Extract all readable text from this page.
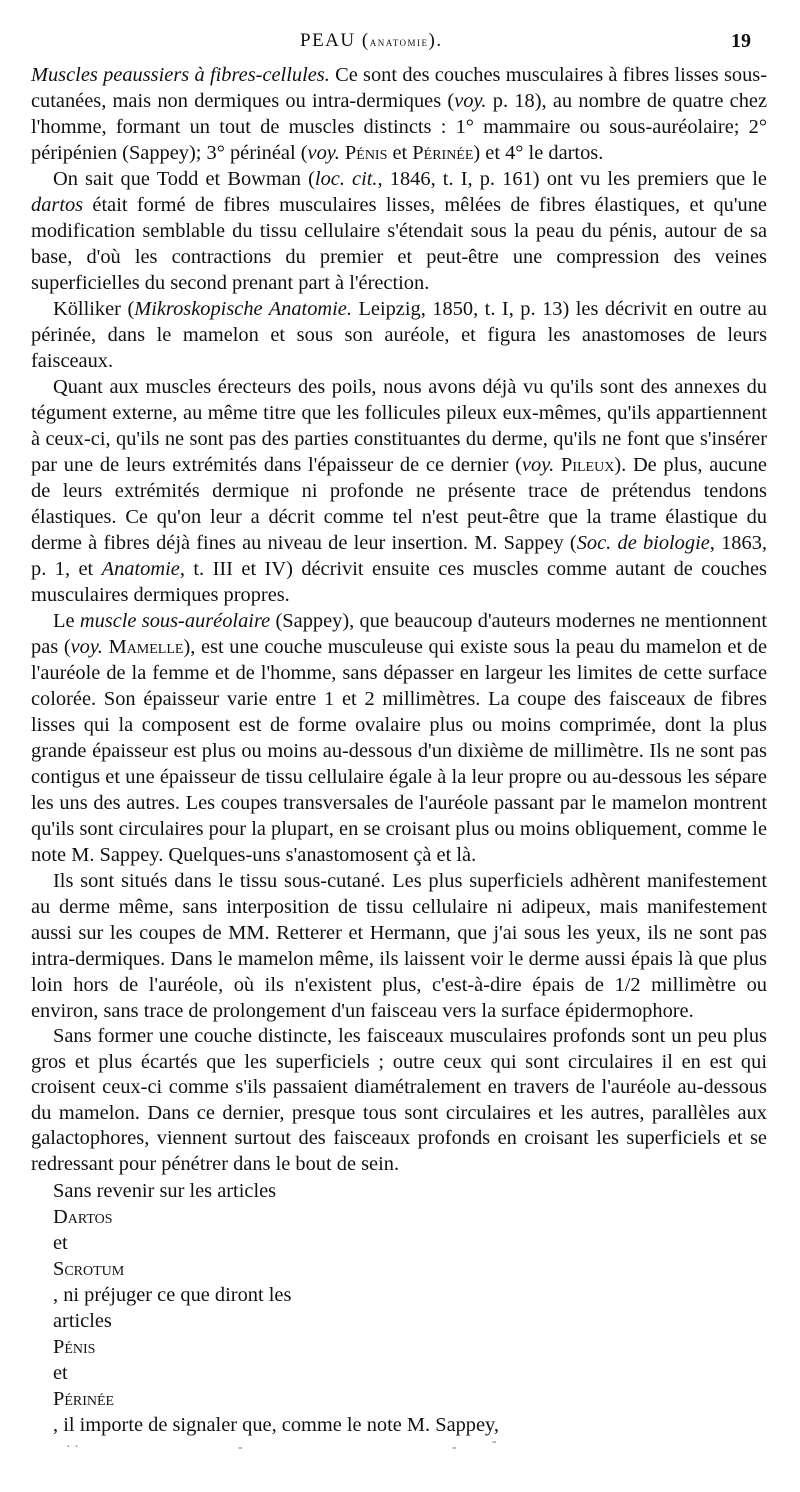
PEAU (anatomie).	19

Muscles peaussiers à fibres-cellules. Ce sont des couches musculaires à fibres lisses sous-cutanées, mais non dermiques ou intra-dermiques (voy. p. 18), au nombre de quatre chez l'homme, formant un tout de muscles distincts : 1° mammaire ou sous-auréolaire; 2° péripénien (Sappey); 3° périnéal (voy. Pénis et Périnée) et 4° le dartos.

On sait que Todd et Bowman (loc. cit., 1846, t. I, p. 161) ont vu les premiers que le dartos était formé de fibres musculaires lisses, mêlées de fibres élastiques, et qu'une modification semblable du tissu cellulaire s'étendait sous la peau du pénis, autour de sa base, d'où les contractions du premier et peut-être une compression des veines superficielles du second prenant part à l'érection.

Kölliker (Mikroskopische Anatomie. Leipzig, 1850, t. I, p. 13) les décrivit en outre au périnée, dans le mamelon et sous son auréole, et figura les anastomoses de leurs faisceaux.

Quant aux muscles érecteurs des poils, nous avons déjà vu qu'ils sont des annexes du tégument externe, au même titre que les follicules pileux eux-mêmes, qu'ils appartiennent à ceux-ci, qu'ils ne sont pas des parties constituantes du derme, qu'ils ne font que s'insérer par une de leurs extrémités dans l'épaisseur de ce dernier (voy. Pileux). De plus, aucune de leurs extrémités dermique ni profonde ne présente trace de prétendus tendons élastiques. Ce qu'on leur a décrit comme tel n'est peut-être que la trame élastique du derme à fibres déjà fines au niveau de leur insertion. M. Sappey (Soc. de biologie, 1863, p. 1, et Anatomie, t. III et IV) décrivit ensuite ces muscles comme autant de couches musculaires dermiques propres.

Le muscle sous-auréolaire (Sappey), que beaucoup d'auteurs modernes ne mentionnent pas (voy. Mamelle), est une couche musculeuse qui existe sous la peau du mamelon et de l'auréole de la femme et de l'homme, sans dépasser en largeur les limites de cette surface colorée. Son épaisseur varie entre 1 et 2 millimètres. La coupe des faisceaux de fibres lisses qui la composent est de forme ovalaire plus ou moins comprimée, dont la plus grande épaisseur est plus ou moins au-dessous d'un dixième de millimètre. Ils ne sont pas contigus et une épaisseur de tissu cellulaire égale à la leur propre ou au-dessous les sépare les uns des autres. Les coupes transversales de l'auréole passant par le mamelon montrent qu'ils sont circulaires pour la plupart, en se croisant plus ou moins obliquement, comme le note M. Sappey. Quelques-uns s'anastomosent çà et là.

Ils sont situés dans le tissu sous-cutané. Les plus superficiels adhèrent manifestement au derme même, sans interposition de tissu cellulaire ni adipeux, mais manifestement aussi sur les coupes de MM. Retterer et Hermann, que j'ai sous les yeux, ils ne sont pas intra-dermiques. Dans le mamelon même, ils laissent voir le derme aussi épais là que plus loin hors de l'auréole, où ils n'existent plus, c'est-à-dire épais de 1/2 millimètre ou environ, sans trace de prolongement d'un faisceau vers la surface épidermophore.

Sans former une couche distincte, les faisceaux musculaires profonds sont un peu plus gros et plus écartés que les superficiels ; outre ceux qui sont circulaires il en est qui croisent ceux-ci comme s'ils passaient diamétralement en travers de l'auréole au-dessous du mamelon. Dans ce dernier, presque tous sont circulaires et les autres, parallèles aux galactophores, viennent surtout des faisceaux profonds en croisant les superficiels et se redressant pour pénétrer dans le bout de sein.

Sans revenir sur les articles
Dartos
et
Scrotum
, ni préjuger ce que diront les
articles
Pénis
et
Périnée
, il importe de signaler que, comme le note M. Sappey,

· ·	-	-	-
